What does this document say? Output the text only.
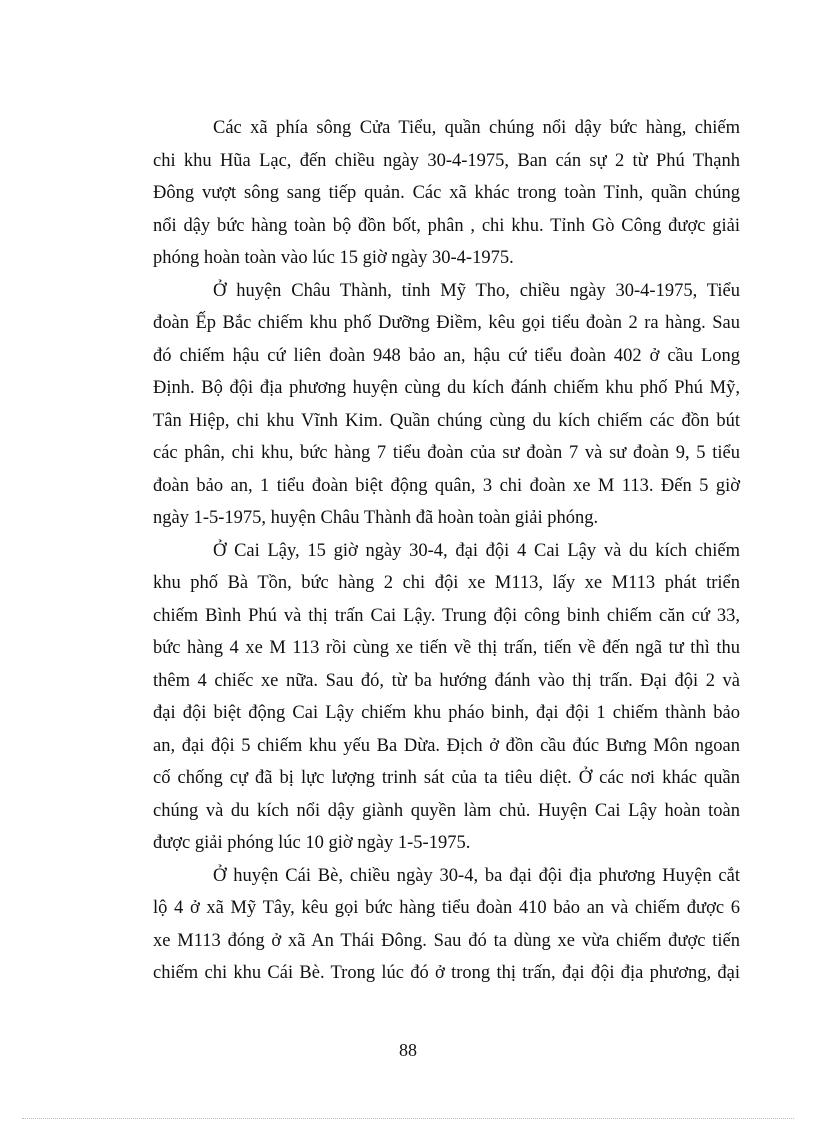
Các xã phía sông Cửa Tiểu, quần chúng nổi dậy bức hàng, chiếm
chi khu Hũa Lạc, đến chiều ngày 30-4-1975, Ban cán sự 2 từ Phú Thạnh
Đông vượt sông sang tiếp quản. Các xã khác trong toàn Tỉnh, quần chúng
nổi dậy bức hàng toàn bộ đồn bốt, phân , chi khu. Tỉnh Gò Công được giải
phóng hoàn toàn vào lúc 15 giờ ngày 30-4-1975.
Ở huyện Châu Thành, tỉnh Mỹ Tho, chiều ngày 30-4-1975, Tiểu
đoàn Ếp Bắc chiếm khu phố Dưỡng Điềm, kêu gọi tiểu đoàn 2 ra hàng. Sau
đó chiếm hậu cứ liên đoàn 948 bảo an, hậu cứ tiểu đoàn 402 ở cầu Long
Định. Bộ đội địa phương huyện cùng du kích đánh chiếm khu phố Phú Mỹ,
Tân Hiệp, chi khu Vĩnh Kim. Quần chúng cùng du kích chiếm các đồn bút
các phân, chi khu, bức hàng 7 tiểu đoàn của sư đoàn 7 và sư đoàn 9, 5 tiểu
đoàn bảo an, 1 tiểu đoàn biệt động quân, 3 chi đoàn xe M 113. Đến 5 giờ
ngày 1-5-1975, huyện Châu Thành đã hoàn toàn giải phóng.
Ở Cai Lậy, 15 giờ ngày 30-4, đại đội 4 Cai Lậy và du kích chiếm
khu phố Bà Tồn, bức hàng 2 chi đội xe M113, lấy xe M113 phát triển
chiếm Bình Phú và thị trấn Cai Lậy. Trung đội công binh chiếm căn cứ 33,
bức hàng 4 xe M 113 rồi cùng xe tiến về thị trấn, tiến về đến ngã tư thì thu
thêm 4 chiếc xe nữa. Sau đó, từ ba hướng đánh vào thị trấn. Đại đội 2 và
đại đội biệt động Cai Lậy chiếm khu pháo binh, đại đội 1 chiếm thành bảo
an, đại đội 5 chiếm khu yếu Ba Dừa. Địch ở đồn cầu đúc Bưng Môn ngoan
cố chống cự đã bị lực lượng trinh sát của ta tiêu diệt. Ở các nơi khác quần
chúng và du kích nổi dậy giành quyền làm chủ. Huyện Cai Lậy hoàn toàn
được giải phóng lúc 10 giờ ngày 1-5-1975.
Ở huyện Cái Bè, chiều ngày 30-4, ba đại đội địa phương Huyện cắt
lộ 4 ở xã Mỹ Tây, kêu gọi bức hàng tiểu đoàn 410 bảo an và chiếm được 6
xe M113 đóng ở xã An Thái Đông. Sau đó ta dùng xe vừa chiếm được tiến
chiếm chi khu Cái Bè. Trong lúc đó ở trong thị trấn, đại đội địa phương, đại
88
